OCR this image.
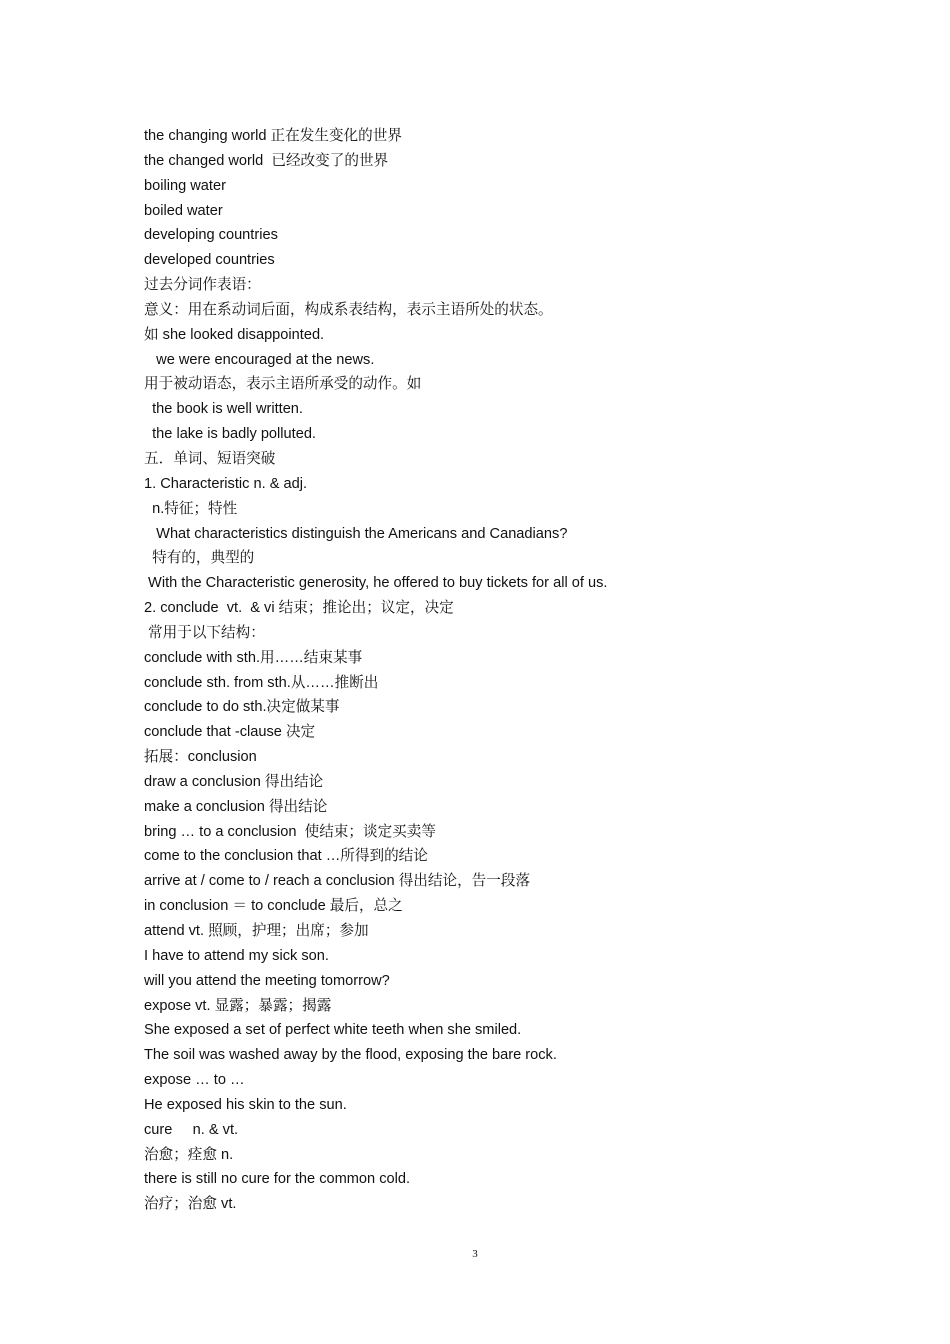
the changing world 正在发生变化的世界
the changed world  已经改变了的世界
boiling water
boiled water
developing countries
developed countries
过去分词作表语：
意义：用在系动词后面，构成系表结构，表示主语所处的状态。
如 she looked disappointed.
we were encouraged at the news.
用于被动语态，表示主语所承受的动作。如
the book is well written.
the lake is badly polluted.
五．单词、短语突破
1. Characteristic n. & adj.
n.特征；特性
What characteristics distinguish the Americans and Canadians?
特有的，典型的
With the Characteristic generosity, he offered to buy tickets for all of us.
2. conclude  vt.  & vi 结束；推论出；议定，决定
常用于以下结构：
conclude with sth.用……结束某事
conclude sth. from sth.从……推断出
conclude to do sth.决定做某事
conclude that -clause 决定
拓展：conclusion
draw a conclusion 得出结论
make a conclusion 得出结论
bring … to a conclusion  使结束；谈定买卖等
come to the conclusion that …所得到的结论
arrive at / come to / reach a conclusion 得出结论，告一段落
in conclusion ＝ to conclude 最后，总之
attend vt. 照顾，护理；出席；参加
I have to attend my sick son.
will you attend the meeting tomorrow?
expose vt. 显露；暴露；揭露
She exposed a set of perfect white teeth when she smiled.
The soil was washed away by the flood, exposing the bare rock.
expose … to …
He exposed his skin to the sun.
cure     n. & vt.
治愈；痊愈 n.
there is still no cure for the common cold.
治疗；治愈 vt.
3
